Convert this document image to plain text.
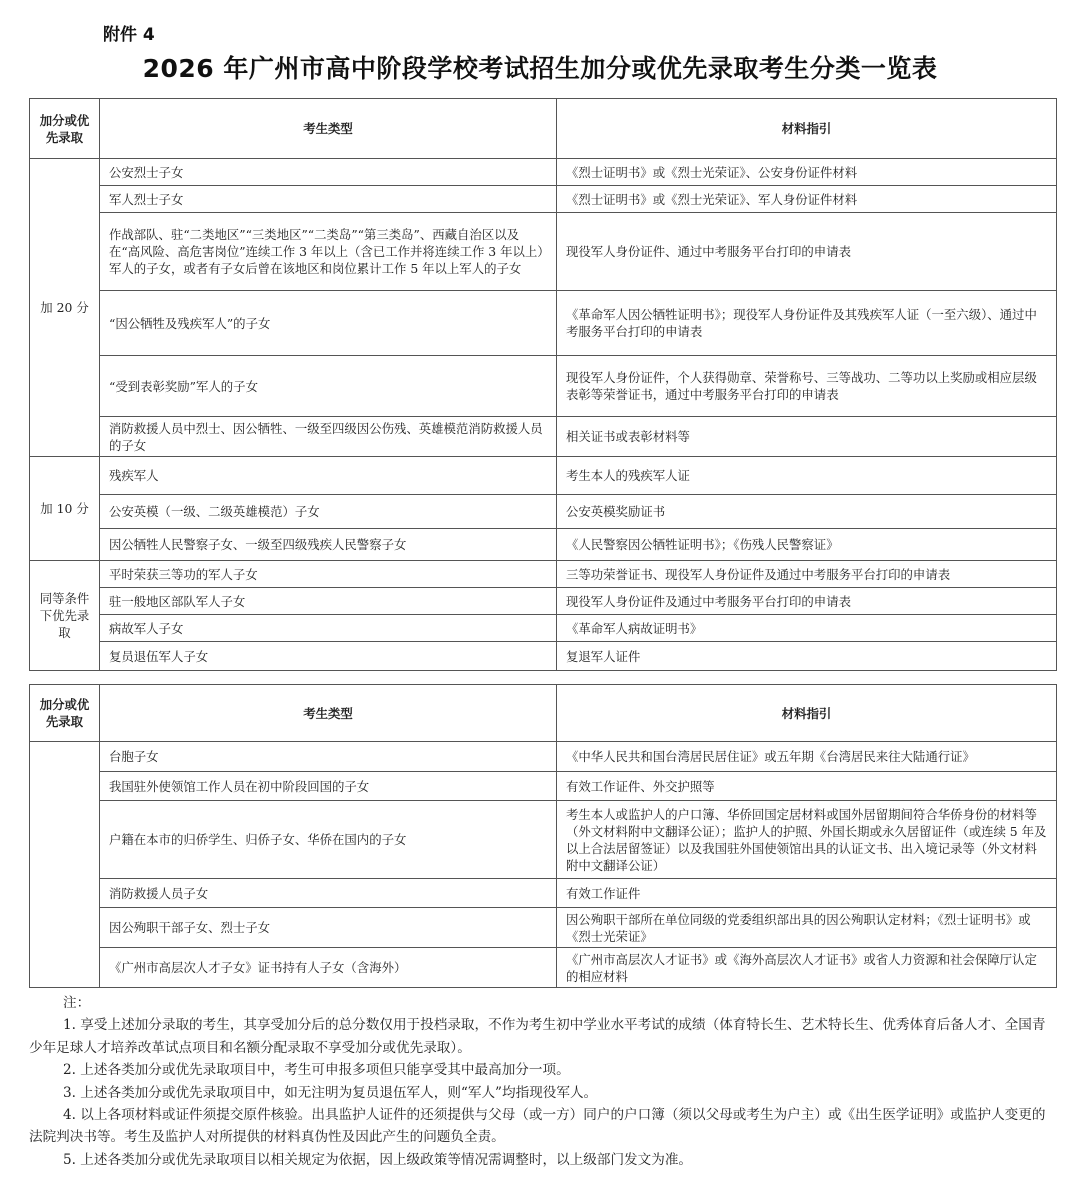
附件 4
2026 年广州市高中阶段学校考试招生加分或优先录取考生分类一览表
加分或优先录取	考生类型	材料指引
加 20 分	公安烈士子女	《烈士证明书》或《烈士光荣证》、公安身份证件材料
	军人烈士子女	《烈士证明书》或《烈士光荣证》、军人身份证件材料
	作战部队、驻“二类地区”“三类地区”“二类岛”“第三类岛”、西藏自治区以及在“高风险、高危害岗位”连续工作 3 年以上（含已工作并将连续工作 3 年以上）军人的子女，或者有子女后曾在该地区和岗位累计工作 5 年以上军人的子女	现役军人身份证件、通过中考服务平台打印的申请表
	“因公牺牲及残疾军人”的子女	《革命军人因公牺牲证明书》；现役军人身份证件及其残疾军人证（一至六级）、通过中考服务平台打印的申请表
	“受到表彰奖励”军人的子女	现役军人身份证件，个人获得勋章、荣誉称号、三等战功、二等功以上奖励或相应层级表彰等荣誉证书，通过中考服务平台打印的申请表
	消防救援人员中烈士、因公牺牲、一级至四级因公伤残、英雄模范消防救援人员的子女	相关证书或表彰材料等
加 10 分	残疾军人	考生本人的残疾军人证
	公安英模（一级、二级英雄模范）子女	公安英模奖励证书
	因公牺牲人民警察子女、一级至四级残疾人民警察子女	《人民警察因公牺牲证明书》；《伤残人民警察证》
同等条件下优先录取	平时荣获三等功的军人子女	三等功荣誉证书、现役军人身份证件及通过中考服务平台打印的申请表
	驻一般地区部队军人子女	现役军人身份证件及通过中考服务平台打印的申请表
	病故军人子女	《革命军人病故证明书》
	复员退伍军人子女	复退军人证件
加分或优先录取	考生类型	材料指引
	台胞子女	《中华人民共和国台湾居民居住证》或五年期《台湾居民来往大陆通行证》
	我国驻外使领馆工作人员在初中阶段回国的子女	有效工作证件、外交护照等
	户籍在本市的归侨学生、归侨子女、华侨在国内的子女	考生本人或监护人的户口簿、华侨回国定居材料或国外居留期间符合华侨身份的材料等（外文材料附中文翻译公证）；监护人的护照、外国长期或永久居留证件（或连续 5 年及以上合法居留签证）以及我国驻外国使领馆出具的认证文书、出入境记录等（外文材料附中文翻译公证）
	消防救援人员子女	有效工作证件
	因公殉职干部子女、烈士子女	因公殉职干部所在单位同级的党委组织部出具的因公殉职认定材料；《烈士证明书》或《烈士光荣证》
	《广州市高层次人才子女》证书持有人子女（含海外）	《广州市高层次人才证书》或《海外高层次人才证书》或省人力资源和社会保障厅认定的相应材料

注：

1. 享受上述加分录取的考生，其享受加分后的总分数仅用于投档录取，不作为考生初中学业水平考试的成绩（体育特长生、艺术特长生、优秀体育后备人才、全国青少年足球人才培养改革试点项目和名额分配录取不享受加分或优先录取）。

2. 上述各类加分或优先录取项目中，考生可申报多项但只能享受其中最高加分一项。

3. 上述各类加分或优先录取项目中，如无注明为复员退伍军人，则“军人”均指现役军人。

4. 以上各项材料或证件须提交原件核验。出具监护人证件的还须提供与父母（或一方）同户的户口簿（须以父母或考生为户主）或《出生医学证明》或监护人变更的法院判决书等。考生及监护人对所提供的材料真伪性及因此产生的问题负全责。

5. 上述各类加分或优先录取项目以相关规定为依据，因上级政策等情况需调整时，以上级部门发文为准。
